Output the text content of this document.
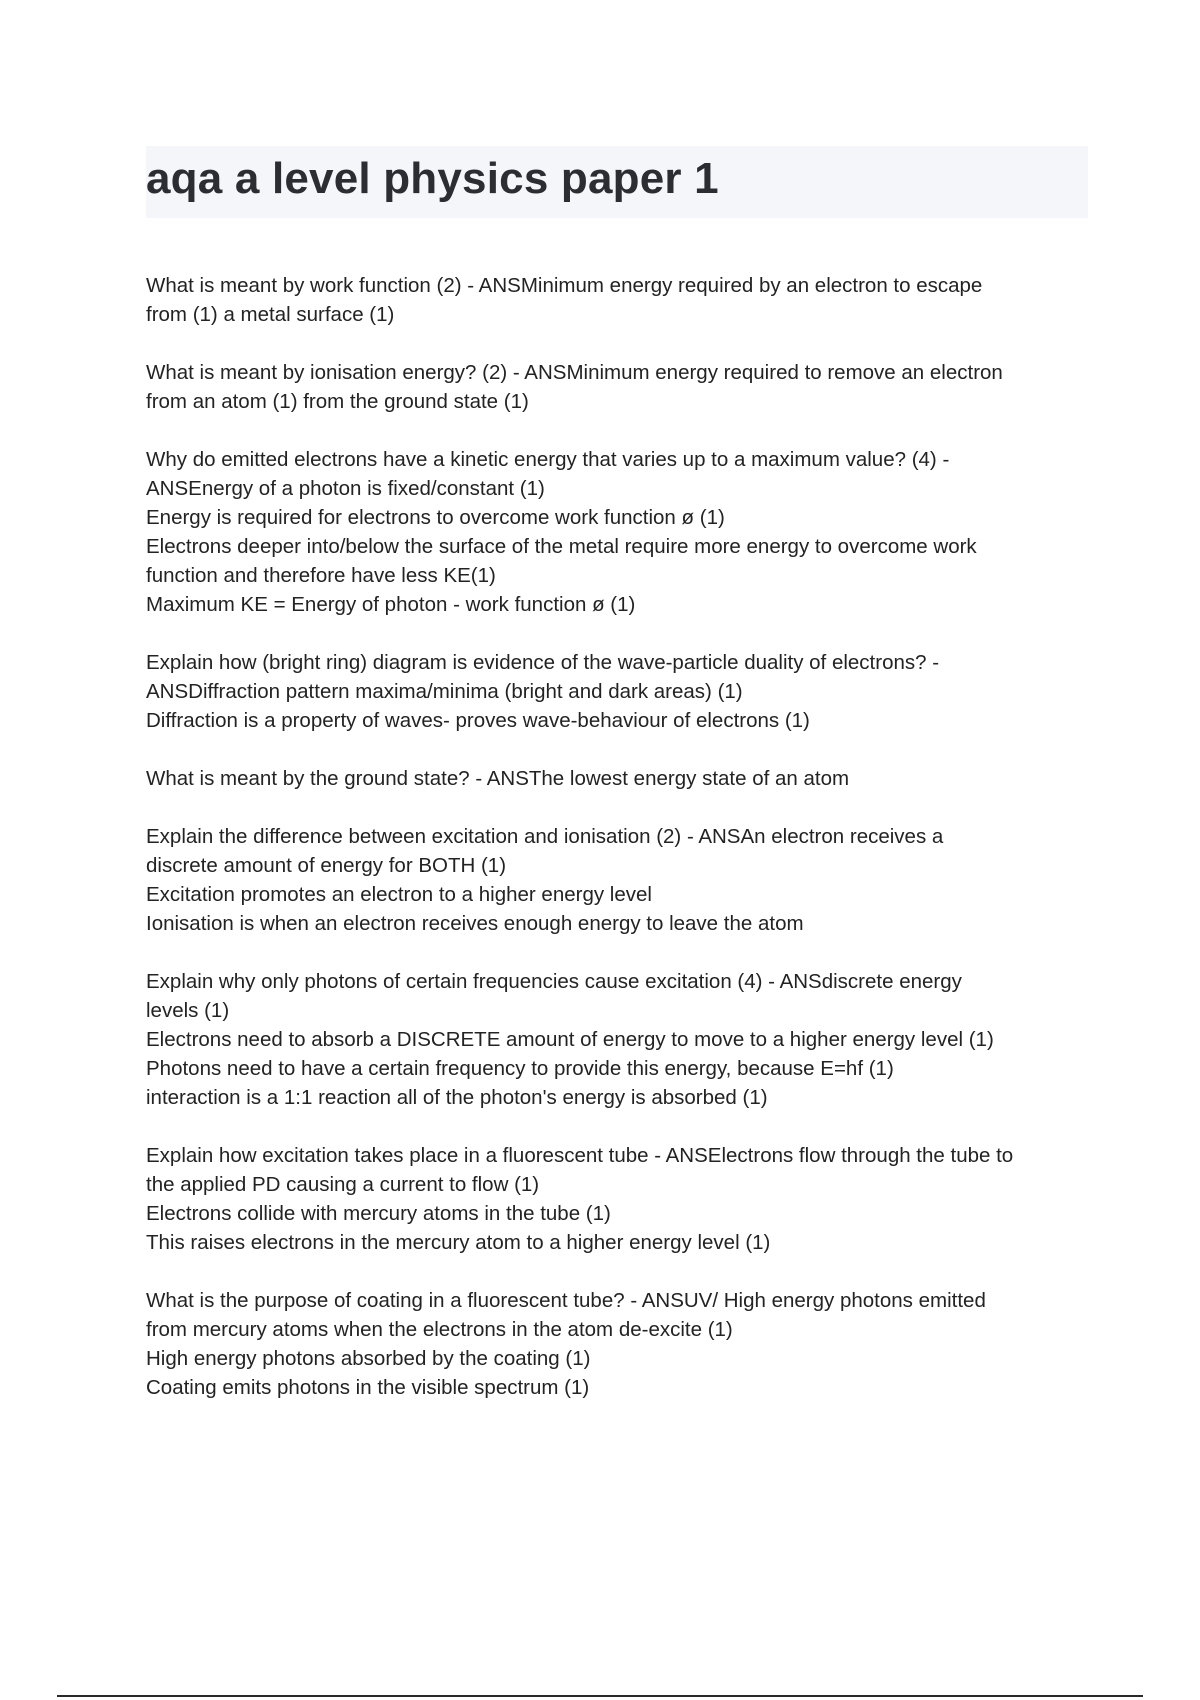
aqa a level physics paper 1
What is meant by work function (2) - ANSMinimum energy required by an electron to escape
from (1) a metal surface (1)
What is meant by ionisation energy? (2) - ANSMinimum energy required to remove an electron
from an atom (1) from the ground state (1)
Why do emitted electrons have a kinetic energy that varies up to a maximum value? (4) -
ANSEnergy of a photon is fixed/constant (1)
Energy is required for electrons to overcome work function ø (1)
Electrons deeper into/below the surface of the metal require more energy to overcome work
function and therefore have less KE(1)
Maximum KE = Energy of photon - work function ø (1)
Explain how (bright ring) diagram is evidence of the wave-particle duality of electrons? -
ANSDiffraction pattern maxima/minima (bright and dark areas) (1)
Diffraction is a property of waves- proves wave-behaviour of electrons (1)
What is meant by the ground state? - ANSThe lowest energy state of an atom
Explain the difference between excitation and ionisation (2) - ANSAn electron receives a
discrete amount of energy for BOTH (1)
Excitation promotes an electron to a higher energy level
Ionisation is when an electron receives enough energy to leave the atom
Explain why only photons of certain frequencies cause excitation (4) - ANSdiscrete energy
levels (1)
Electrons need to absorb a DISCRETE amount of energy to move to a higher energy level (1)
Photons need to have a certain frequency to provide this energy, because E=hf (1)
interaction is a 1:1 reaction all of the photon's energy is absorbed (1)
Explain how excitation takes place in a fluorescent tube - ANSElectrons flow through the tube to
the applied PD causing a current to flow (1)
Electrons collide with mercury atoms in the tube (1)
This raises electrons in the mercury atom to a higher energy level (1)
What is the purpose of coating in a fluorescent tube? - ANSUV/ High energy photons emitted
from mercury atoms when the electrons in the atom de-excite (1)
High energy photons absorbed by the coating (1)
Coating emits photons in the visible spectrum (1)
